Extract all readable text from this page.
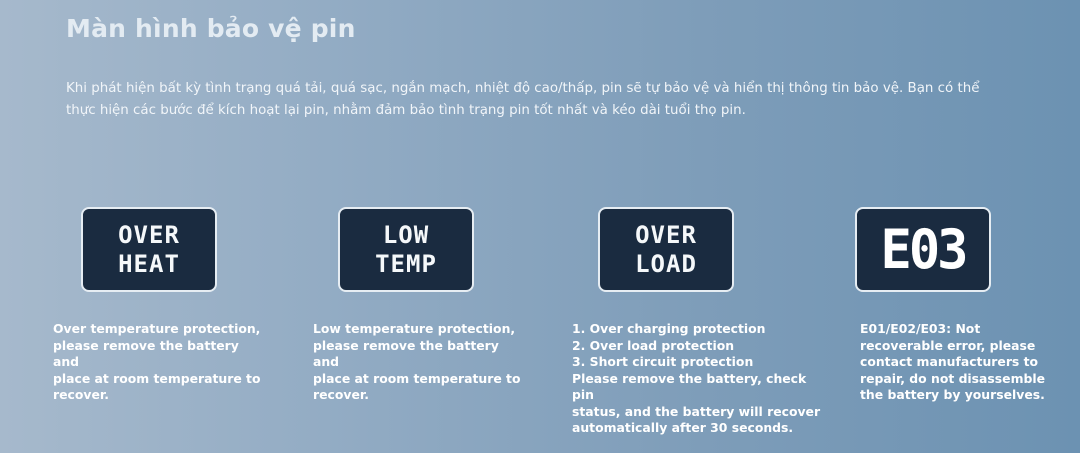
Màn hình bảo vệ pin

Khi phát hiện bất kỳ tình trạng quá tải, quá sạc, ngắn mạch, nhiệt độ cao/thấp, pin sẽ tự bảo vệ và hiển thị thông tin bảo vệ. Bạn có thể thực hiện các bước để kích hoạt lại pin, nhằm đảm bảo tình trạng pin tốt nhất và kéo dài tuổi thọ pin.

OVER
HEAT

Over temperature protection,
please remove the battery and
place at room temperature to
recover.

LOW
TEMP

Low temperature protection,
please remove the battery and
place at room temperature to
recover.

OVER
LOAD

1. Over charging protection
2. Over load protection
3. Short circuit protection
Please remove the battery, check pin
status, and the battery will recover
automatically after 30 seconds.

E03

E01/E02/E03: Not
recoverable error, please
contact manufacturers to
repair, do not disassemble
the battery by yourselves.
